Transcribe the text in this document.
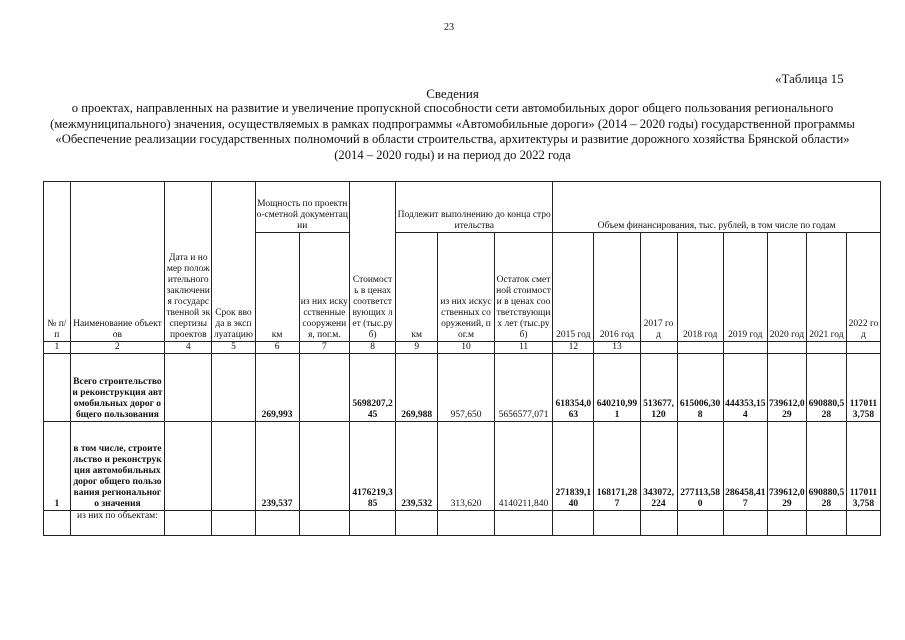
23
«Таблица 15
Сведения
о проектах, направленных на развитие и увеличение пропускной способности сети автомобильных дорог общего пользования регионального (межмуниципального) значения, осуществляемых в рамках подпрограммы «Автомобильные дороги» (2014 – 2020 годы) государственной программы «Обеспечение реализации государственных полномочий в области строительства, архитектуры и развитие дорожного хозяйства Брянской области» (2014 – 2020 годы) и на период до 2022 года
№ п/п	Наименование объектов	Дата и номер положительного заключения государственной экспертизы проектов	Срок ввода в эксплуатацию	Мощность по проектно-сметной документации		Стоимость в ценах соответствующих лет (тыс.руб)	Подлежит выполнению до конца строительства			Объем финансирования, тыс. рублей, в том числе по годам							
				км	из них искусственные сооружения, пог.м.		км	из них искусственных сооружений, пог.м	Остаток сметной стоимости в ценах соответствующих лет (тыс.руб)	2015 год	2016 год	2017 год	2018 год	2019 год	2020 год	2021 год	2022 год
1	2	4	5	6	7	8	9	10	11	12	13						
	Всего строительство и реконструкция автомобильных дорог общего пользования			269,993		5698207,245	269,988	957,650	5656577,071	618354,063	640210,991	513677,120	615006,308	444353,154	739612,029	690880,528	1170113,758
1	в том числе, строительство и реконструкция автомобильных дорог общего пользования регионального значения			239,537		4176219,385	239,532	313,620	4140211,840	271839,140	168171,287	343072,224	277113,580	286458,417	739612,029	690880,528	1170113,758
	из них по объектам:																
